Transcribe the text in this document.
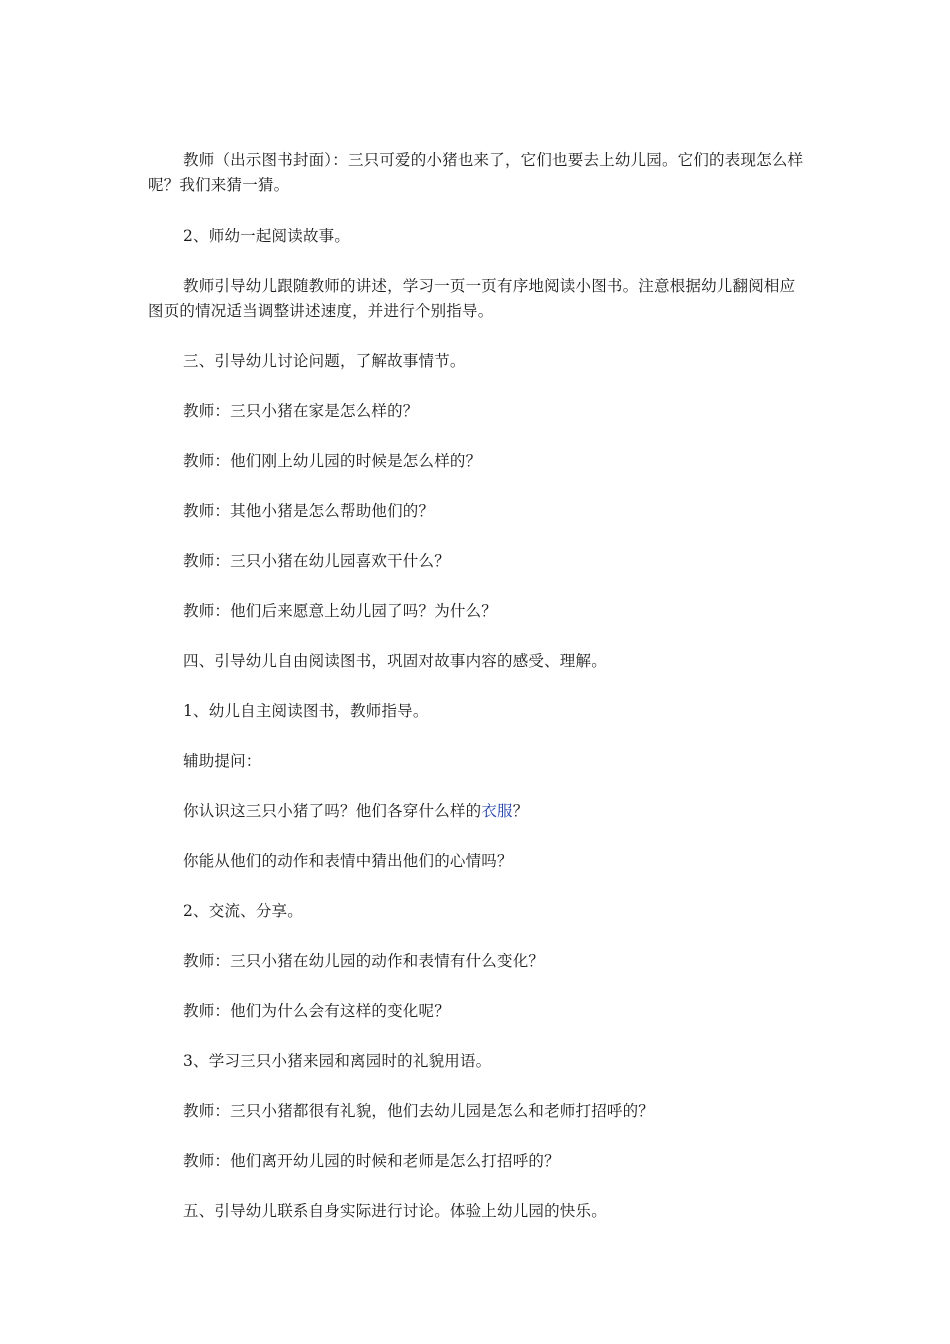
教师（出示图书封面）：三只可爱的小猪也来了，它们也要去上幼儿园。它们的表现怎么样呢？我们来猜一猜。

2、师幼一起阅读故事。

教师引导幼儿跟随教师的讲述，学习一页一页有序地阅读小图书。注意根据幼儿翻阅相应图页的情况适当调整讲述速度，并进行个别指导。

三、引导幼儿讨论问题，了解故事情节。

教师：三只小猪在家是怎么样的？

教师：他们刚上幼儿园的时候是怎么样的？

教师：其他小猪是怎么帮助他们的？

教师：三只小猪在幼儿园喜欢干什么？

教师：他们后来愿意上幼儿园了吗？为什么？

四、引导幼儿自由阅读图书，巩固对故事内容的感受、理解。

1、幼儿自主阅读图书，教师指导。

辅助提问：

你认识这三只小猪了吗？他们各穿什么样的衣服？

你能从他们的动作和表情中猜出他们的心情吗？

2、交流、分享。

教师：三只小猪在幼儿园的动作和表情有什么变化？

教师：他们为什么会有这样的变化呢？

3、学习三只小猪来园和离园时的礼貌用语。

教师：三只小猪都很有礼貌，他们去幼儿园是怎么和老师打招呼的？

教师：他们离开幼儿园的时候和老师是怎么打招呼的？

五、引导幼儿联系自身实际进行讨论。体验上幼儿园的快乐。
